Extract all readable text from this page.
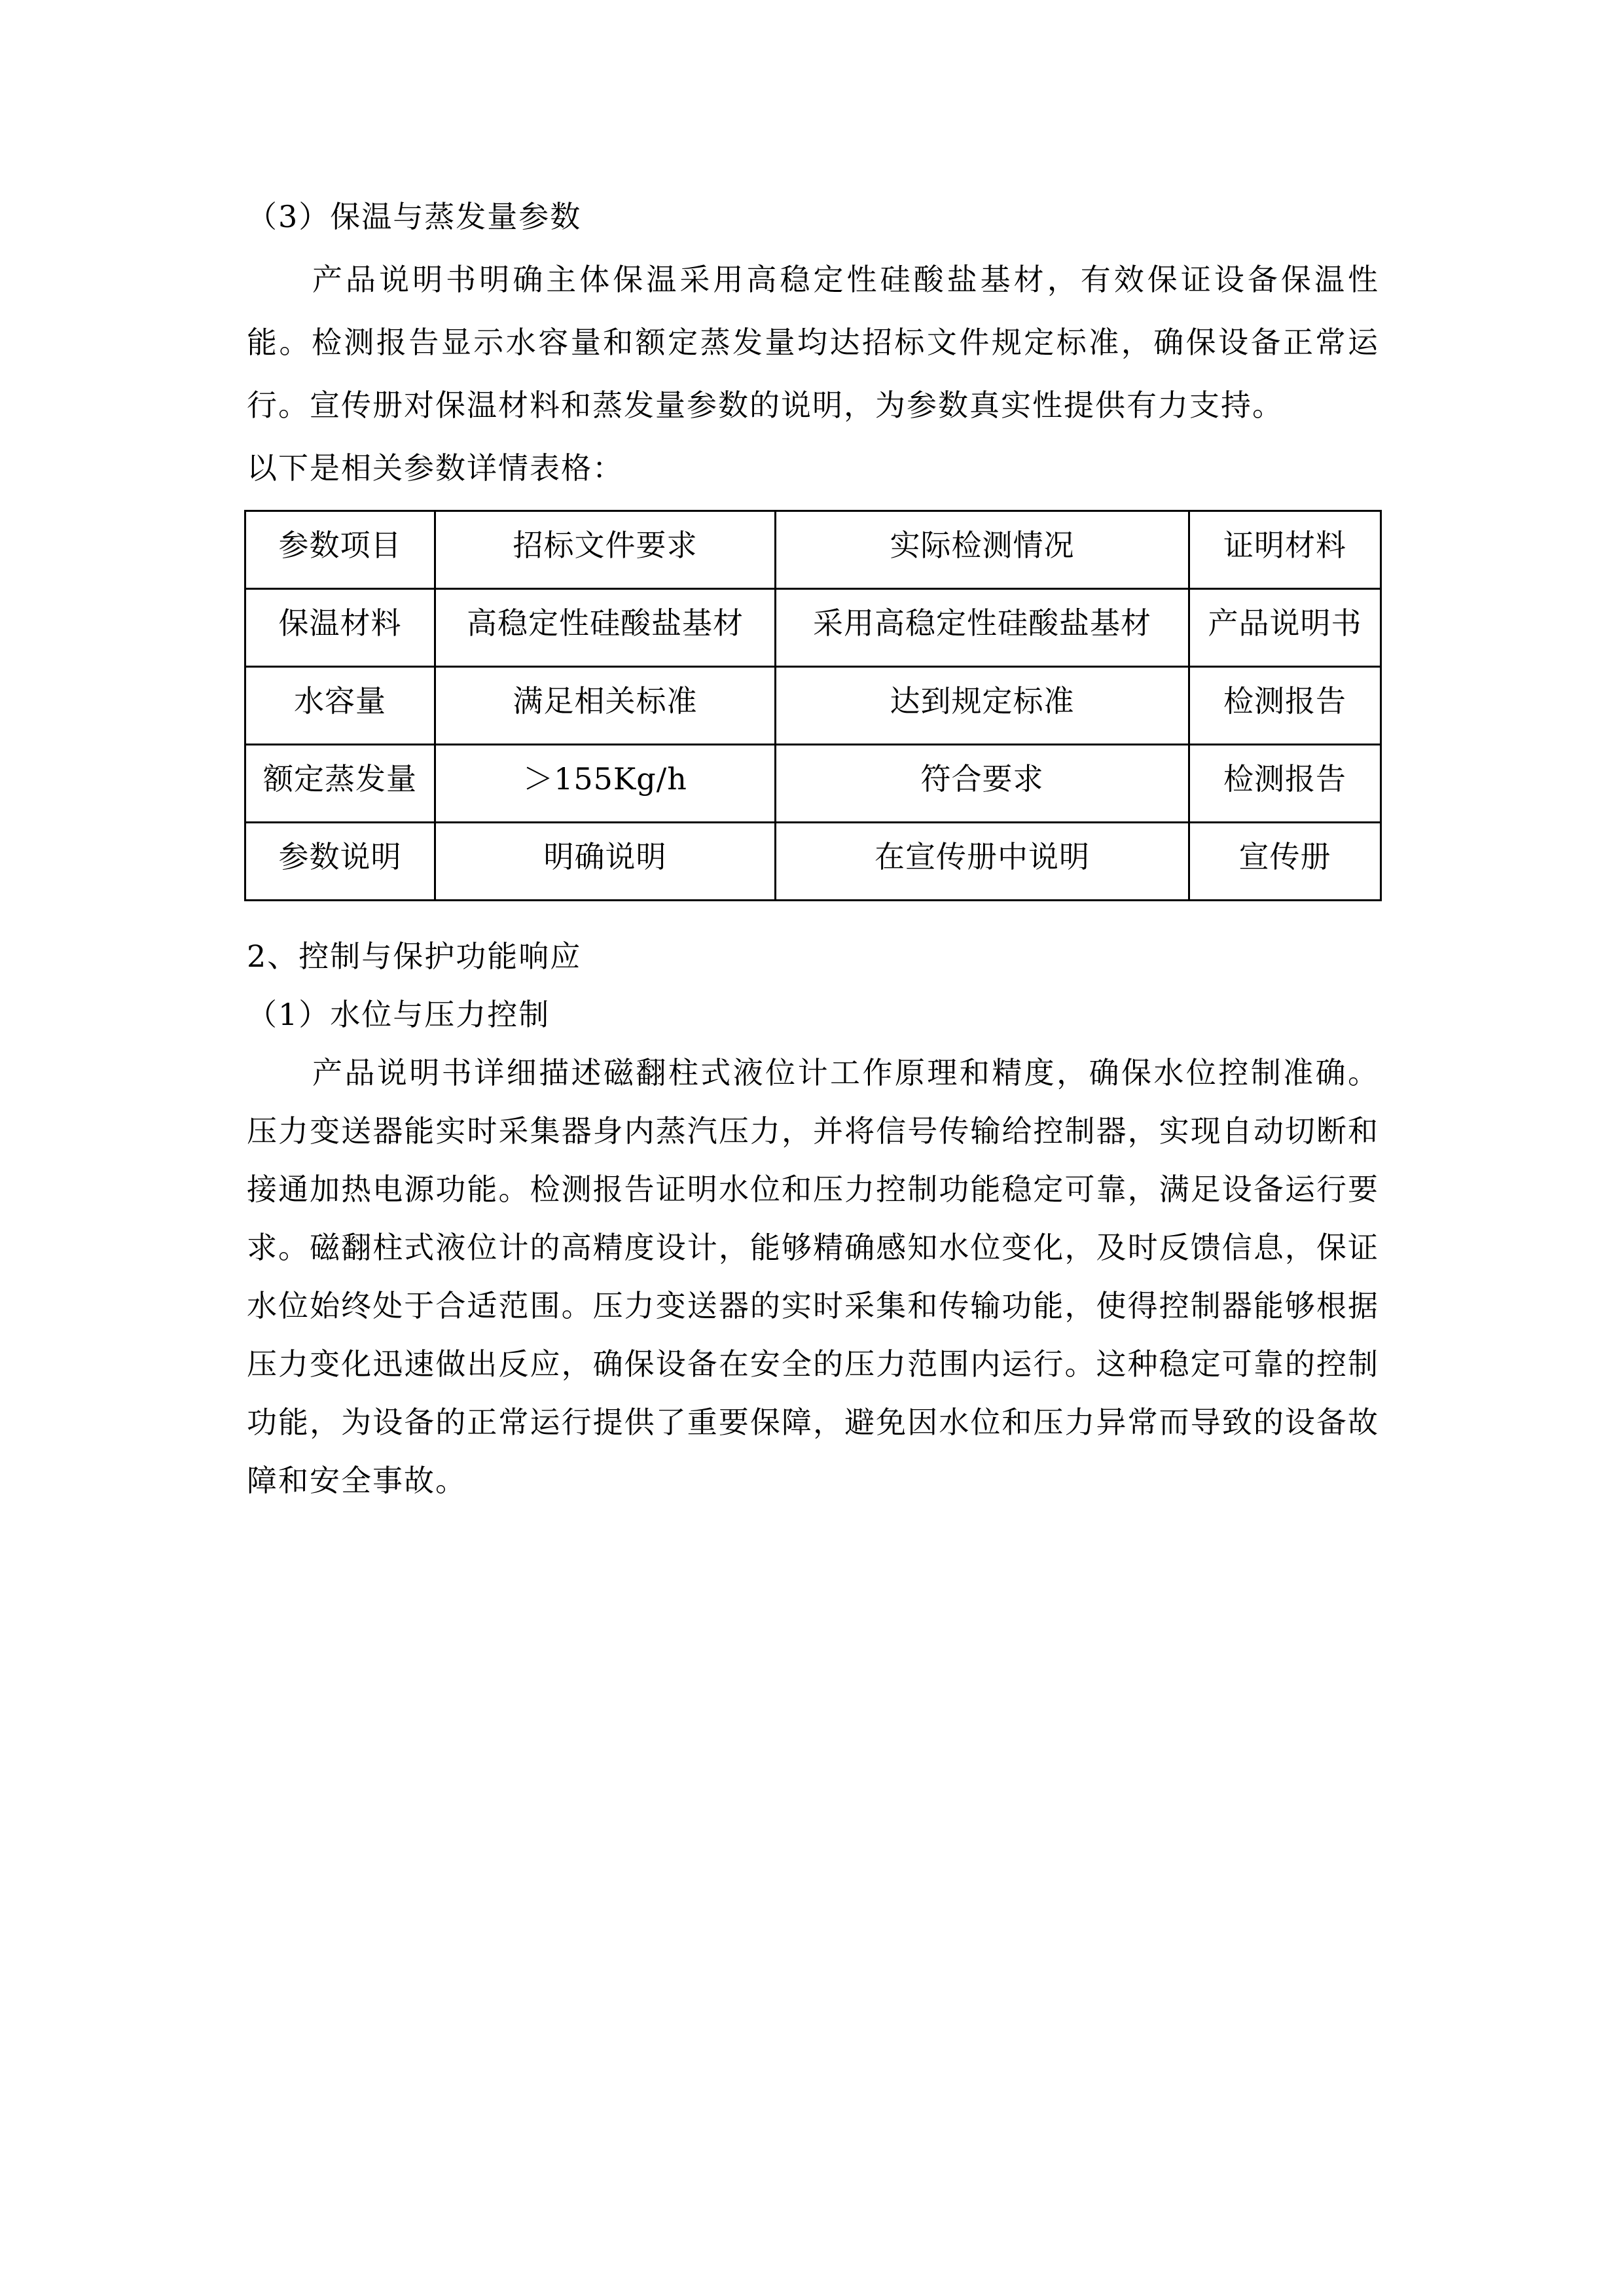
（3）保温与蒸发量参数

产品说明书明确主体保温采用高稳定性硅酸盐基材，有效保证设备保温性能。检测报告显示水容量和额定蒸发量均达招标文件规定标准，确保设备正常运行。宣传册对保温材料和蒸发量参数的说明，为参数真实性提供有力支持。

以下是相关参数详情表格：

参数项目	招标文件要求	实际检测情况	证明材料
保温材料	高稳定性硅酸盐基材	采用高稳定性硅酸盐基材	产品说明书
水容量	满足相关标准	达到规定标准	检测报告
额定蒸发量	＞155Kg/h	符合要求	检测报告
参数说明	明确说明	在宣传册中说明	宣传册

2、控制与保护功能响应

（1）水位与压力控制

产品说明书详细描述磁翻柱式液位计工作原理和精度，确保水位控制准确。压力变送器能实时采集器身内蒸汽压力，并将信号传输给控制器，实现自动切断和接通加热电源功能。检测报告证明水位和压力控制功能稳定可靠，满足设备运行要求。磁翻柱式液位计的高精度设计，能够精确感知水位变化，及时反馈信息，保证水位始终处于合适范围。压力变送器的实时采集和传输功能，使得控制器能够根据压力变化迅速做出反应，确保设备在安全的压力范围内运行。这种稳定可靠的控制功能，为设备的正常运行提供了重要保障，避免因水位和压力异常而导致的设备故障和安全事故。
